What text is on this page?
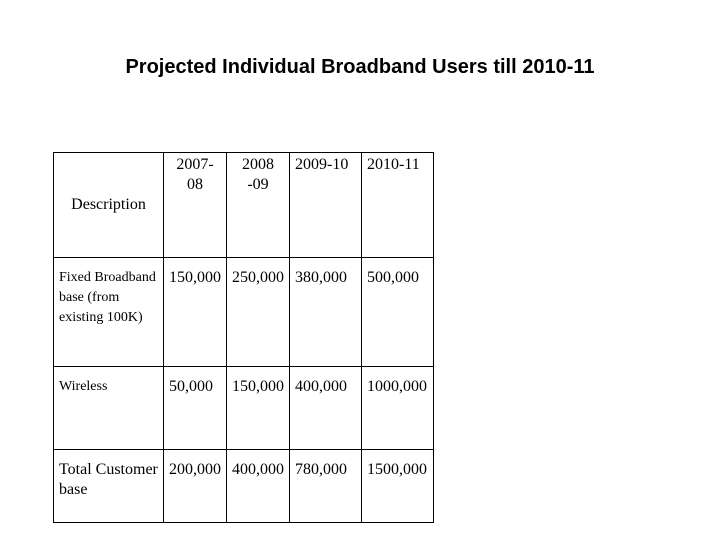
Projected Individual Broadband Users till 2010-11
Description	2007-08	2008 -09	2009-10	2010-11
Fixed Broadband base (from existing 100K)	150,000	250,000	380,000	500,000
Wireless	50,000	150,000	400,000	1000,000
Total Customer base	200,000	400,000	780,000	1500,000
